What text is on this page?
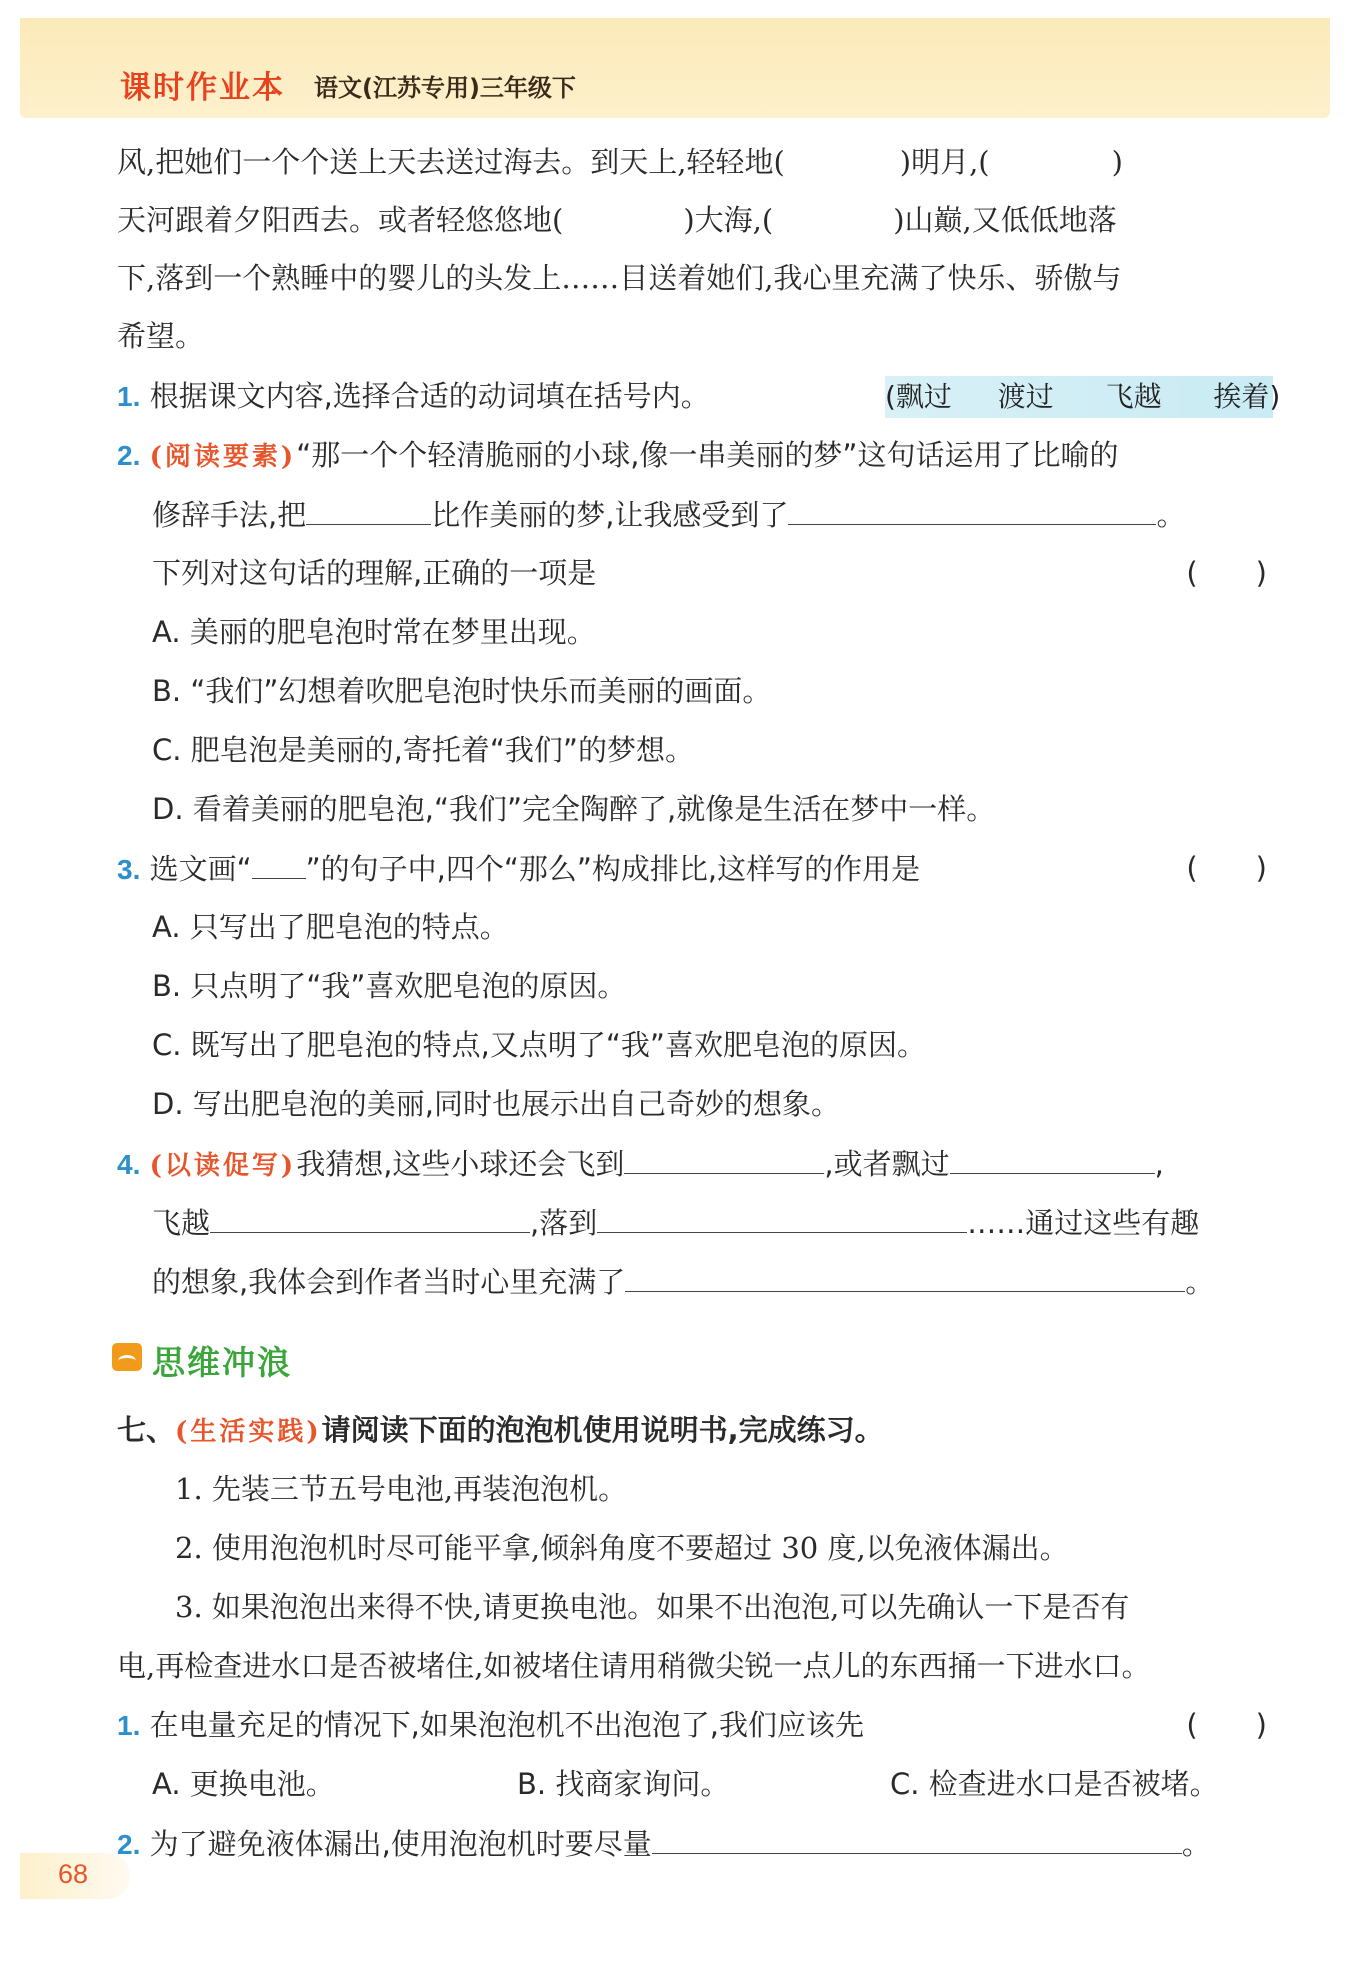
课时作业本 语文(江苏专用)三年级下
风,把她们一个个送上天去送过海去。到天上,轻轻地(	)明月,(	)
天河跟着夕阳西去。或者轻悠悠地(	)大海,(	)山巅,又低低地落
下,落到一个熟睡中的婴儿的头发上……目送着她们,我心里充满了快乐、骄傲与
希望。
1. 根据课文内容,选择合适的动词填在括号内。	(飘过 渡过 飞越 挨着)
2. (阅读要素)“那一个个轻清脆丽的小球,像一串美丽的梦”这句话运用了比喻的
修辞手法,把	比作美丽的梦,让我感受到了	。
下列对这句话的理解,正确的一项是	(　　)
A. 美丽的肥皂泡时常在梦里出现。
B. “我们”幻想着吹肥皂泡时快乐而美丽的画面。
C. 肥皂泡是美丽的,寄托着“我们”的梦想。
D. 看着美丽的肥皂泡,“我们”完全陶醉了,就像是生活在梦中一样。
3. 选文画“ ”的句子中,四个“那么”构成排比,这样写的作用是	(　　)
A. 只写出了肥皂泡的特点。
B. 只点明了“我”喜欢肥皂泡的原因。
C. 既写出了肥皂泡的特点,又点明了“我”喜欢肥皂泡的原因。
D. 写出肥皂泡的美丽,同时也展示出自己奇妙的想象。
4. (以读促写)我猜想,这些小球还会飞到	,或者飘过	,
飞越	,落到	……通过这些有趣
的想象,我体会到作者当时心里充满了	。
思维冲浪
七、(生活实践)请阅读下面的泡泡机使用说明书,完成练习。
1. 先装三节五号电池,再装泡泡机。
2. 使用泡泡机时尽可能平拿,倾斜角度不要超过 30 度,以免液体漏出。
3. 如果泡泡出来得不快,请更换电池。如果不出泡泡,可以先确认一下是否有
电,再检查进水口是否被堵住,如被堵住请用稍微尖锐一点儿的东西捅一下进水口。
1. 在电量充足的情况下,如果泡泡机不出泡泡了,我们应该先	(　　)
A. 更换电池。	B. 找商家询问。	C. 检查进水口是否被堵。
2. 为了避免液体漏出,使用泡泡机时要尽量	。
68
